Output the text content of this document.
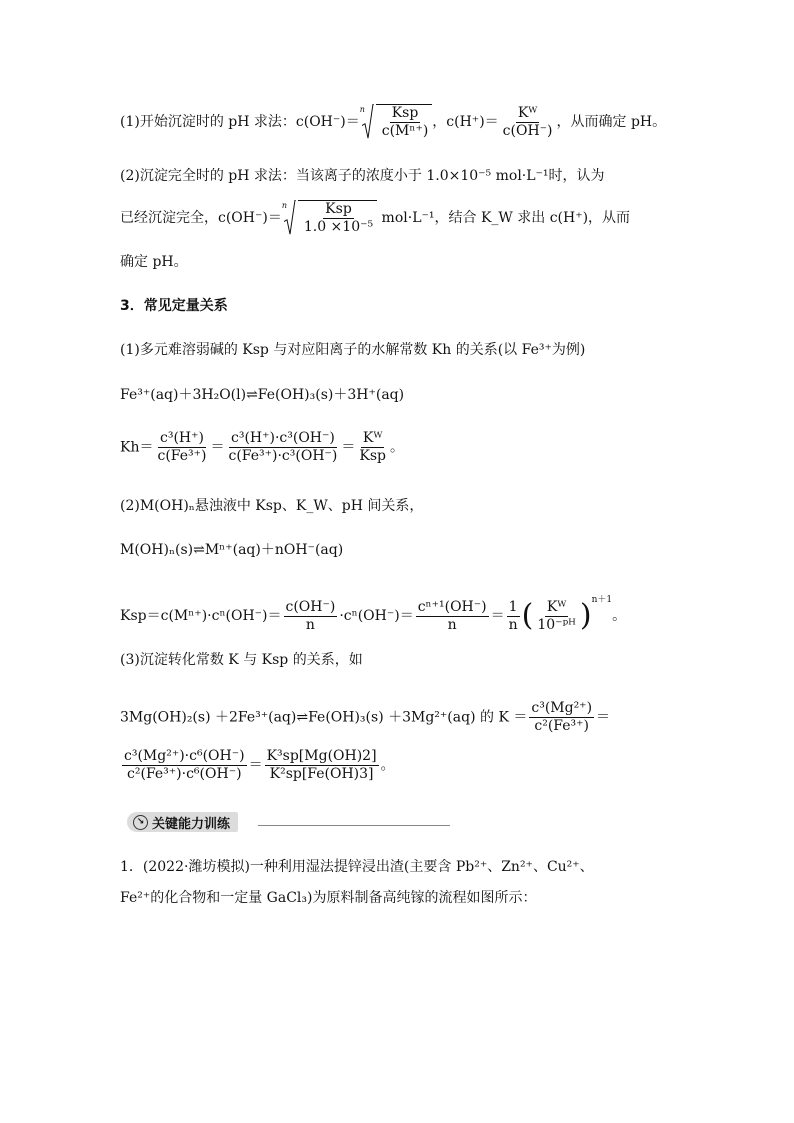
(1)开始沉淀时的 pH 求法：c(OH⁻)＝
n $\frac{\text{Ksp}}{\text{c(Mⁿ⁺)}}$ ，$c(H^+)= \frac{\text{Kᵂ}}{c(OH^-)}$ ，从而确定 pH。
(2)沉淀完全时的 pH 求法：当该离子的浓度小于 1.0×10⁻⁵ mol·L⁻¹时，认为
已经沉淀完全，c(OH⁻)＝
n $\frac{\text{Ksp}}{\text{1.0 ×10⁻⁵}} mol\cdot L^{-1}$，结合 K_W 求出 c(H⁺)，从而
确定 pH。
3．常见定量关系
(1)多元难溶弱碱的 Ksp 与对应阳离子的水解常数 Kh 的关系(以 Fe³⁺为例)
Fe³⁺(aq)＋3H₂O(l)⇌Fe(OH)₃(s)＋3H⁺(aq)
$Kh= \frac{\text{c³(H⁺)}}{\text{c(Fe³⁺)}} = \frac{\text{c³(H⁺)·c³(OH⁻)}}{\text{c(Fe³⁺)·c³(OH⁻)}} = \frac{\text{Kᵂ}}{\text{Ksp}}$ 。
(2)M(OH)ₙ悬浊液中 Ksp、K_W、pH 间关系，
M(OH)ₙ(s)⇌Mⁿ⁺(aq)＋nOH⁻(aq)
$Ksp=c(M^{n+})\cdot c^n(OH^-)= \frac{c(OH^-)}{n} \cdot c^n(OH^-)= \frac{\text{cⁿ⁺¹(OH⁻)}}{n} = \frac{1}{n}$ ( $\frac{\text{Kᵂ}}{\text{10⁻ᵖᴴ}} )^{n+1}$。
(3)沉淀转化常数 K 与 Ksp 的关系，如
3Mg(OH)₂(s) ＋2Fe³⁺(aq)⇌Fe(OH)₃(s) ＋3Mg²⁺(aq) 的 $K = \frac{\text{c³(Mg²⁺)}}{\text{c²(Fe³⁺)}}$ ＝
$\frac{\text{c³(Mg²⁺)·c⁶(OH⁻)}}{\text{c²(Fe³⁺)·c⁶(OH⁻)}} = \frac{\text{K³sp[Mg(OH)2]}}{\text{K²sp[Fe(OH)3]}}$ 。
↘ 关键能力训练
1．(2022·潍坊模拟)一种利用湿法提锌浸出渣(主要含 Pb²⁺、Zn²⁺、Cu²⁺、
Fe²⁺的化合物和一定量 GaCl₃)为原料制备高纯镓的流程如图所示：
